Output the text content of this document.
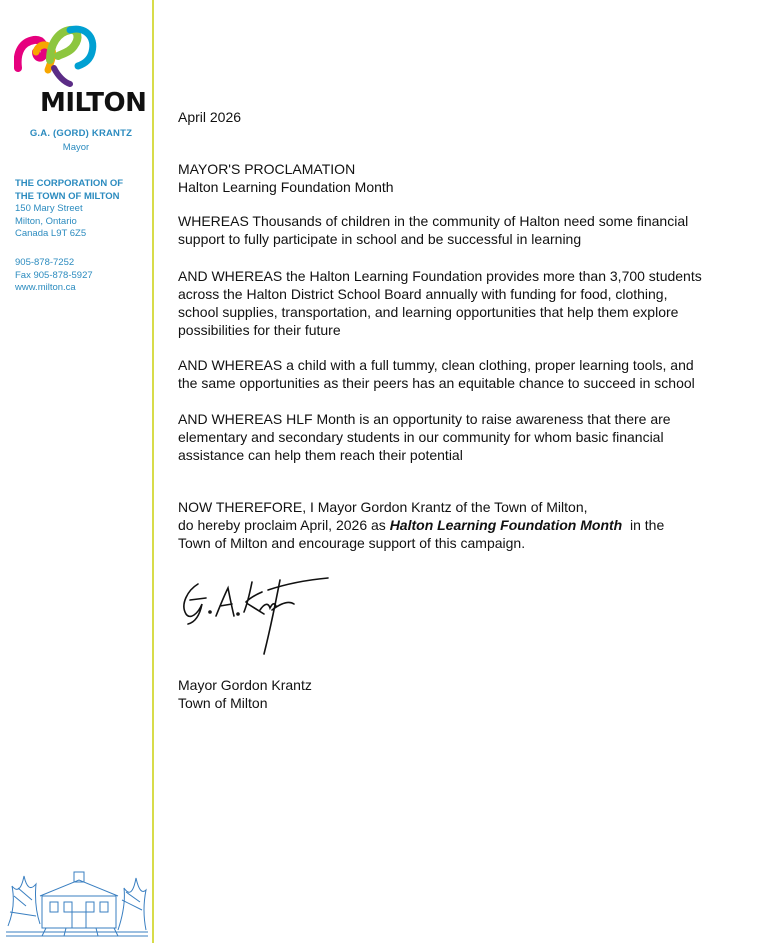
MILTON
G.A. (GORD) KRANTZ
Mayor
THE CORPORATION OF
THE TOWN OF MILTON
150 Mary Street
Milton, Ontario
Canada L9T 6Z5
905-878-7252
Fax 905-878-5927
www.milton.ca

April 2026

MAYOR'S PROCLAMATION

Halton Learning Foundation Month

WHEREAS Thousands of children in the community of Halton need some financial

support to fully participate in school and be successful in learning

AND WHEREAS the Halton Learning Foundation provides more than 3,700 students

across the Halton District School Board annually with funding for food, clothing,

school supplies, transportation, and learning opportunities that help them explore

possibilities for their future

AND WHEREAS a child with a full tummy, clean clothing, proper learning tools, and

the same opportunities as their peers has an equitable chance to succeed in school

AND WHEREAS HLF Month is an opportunity to raise awareness that there are

elementary and secondary students in our community for whom basic financial

assistance can help them reach their potential

NOW THEREFORE, I Mayor Gordon Krantz of the Town of Milton,

do hereby proclaim April, 2026 as Halton Learning Foundation Month  in the

Town of Milton and encourage support of this campaign.

Mayor Gordon Krantz

Town of Milton
